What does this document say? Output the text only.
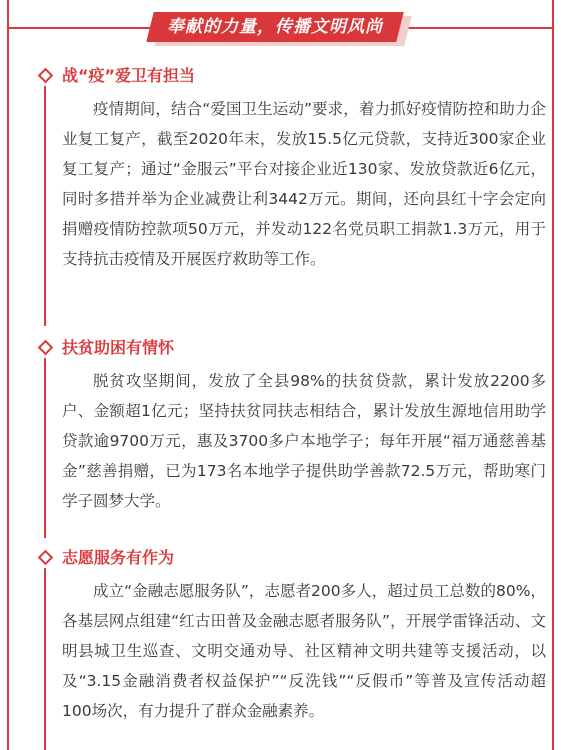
奉献的力量，传播文明风尚
战“疫”爱卫有担当

疫情期间，结合“爱国卫生运动”要求，着力抓好疫情防控和助力企业复工复产，截至2020年末，发放15.5亿元贷款，支持近300家企业复工复产；通过“金服云”平台对接企业近130家、发放贷款近6亿元，同时多措并举为企业减费让利3442万元。期间，还向县红十字会定向捐赠疫情防控款项50万元，并发动122名党员职工捐款1.3万元，用于支持抗击疫情及开展医疗救助等工作。

扶贫助困有情怀

脱贫攻坚期间，发放了全县98%的扶贫贷款，累计发放2200多户、金额超1亿元；坚持扶贫同扶志相结合，累计发放生源地信用助学贷款逾9700万元，惠及3700多户本地学子；每年开展“福万通慈善基金”慈善捐赠，已为173名本地学子提供助学善款72.5万元，帮助寒门学子圆梦大学。

志愿服务有作为

成立“金融志愿服务队”，志愿者200多人，超过员工总数的80%，各基层网点组建“红古田普及金融志愿者服务队”，开展学雷锋活动、文明县城卫生巡查、文明交通劝导、社区精神文明共建等支援活动，以及“3.15金融消费者权益保护”“反洗钱”“反假币”等普及宣传活动超100场次，有力提升了群众金融素养。
